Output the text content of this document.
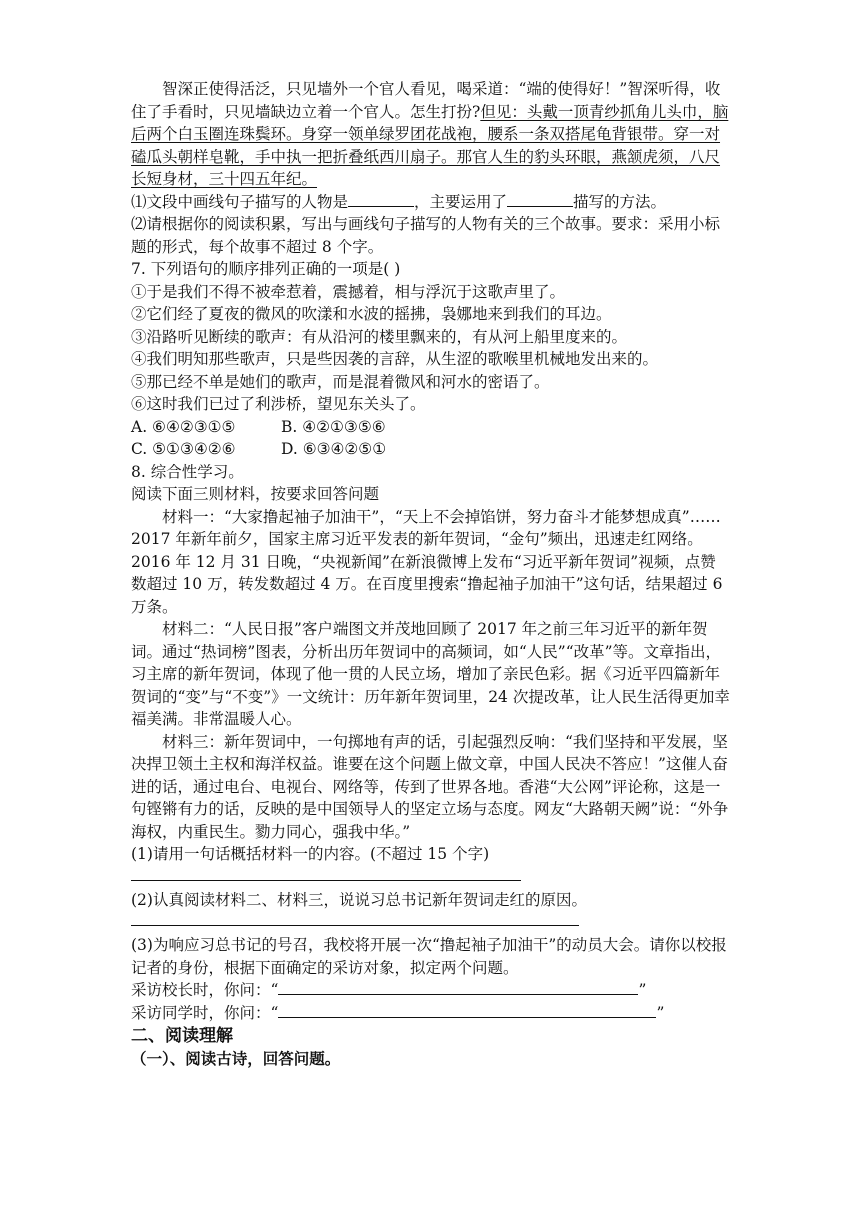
智深正使得活泛，只见墙外一个官人看见，喝采道：“端的使得好！”智深听得，收住了手看时，只见墙缺边立着一个官人。怎生打扮?但见：头戴一顶青纱抓角儿头巾，脑后两个白玉圈连珠鬓环。身穿一领单绿罗团花战袍，腰系一条双搭尾龟背银带。穿一对磕瓜头朝样皂靴，手中执一把折叠纸西川扇子。那官人生的豹头环眼，燕颔虎须，八尺长短身材，三十四五年纪。

⑴文段中画线句子描写的人物是	，主要运用了	描写的方法。

⑵请根据你的阅读积累，写出与画线句子描写的人物有关的三个故事。要求：采用小标题的形式，每个故事不超过 8 个字。

7. 下列语句的顺序排列正确的一项是( )

①于是我们不得不被牵惹着，震撼着，相与浮沉于这歌声里了。

②它们经了夏夜的微风的吹漾和水波的摇拂，袅娜地来到我们的耳边。

③沿路听见断续的歌声：有从沿河的楼里飘来的，有从河上船里度来的。

④我们明知那些歌声，只是些因袭的言辞，从生涩的歌喉里机械地发出来的。

⑤那已经不单是她们的歌声，而是混着微风和河水的密语了。

⑥这时我们已过了利涉桥，望见东关头了。

A. ⑥④②③①⑤	B. ④②①③⑤⑥

C. ⑤①③④②⑥	D. ⑥③④②⑤①

8. 综合性学习。

阅读下面三则材料，按要求回答问题

材料一：“大家撸起袖子加油干”，“天上不会掉馅饼，努力奋斗才能梦想成真”……2017 年新年前夕，国家主席习近平发表的新年贺词，“金句”频出，迅速走红网络。2016 年 12 月 31 日晚，“央视新闻”在新浪微博上发布“习近平新年贺词”视频，点赞数超过 10 万，转发数超过 4 万。在百度里搜索“撸起袖子加油干”这句话，结果超过 6 万条。

材料二：“人民日报”客户端图文并茂地回顾了 2017 年之前三年习近平的新年贺词。通过“热词榜”图表，分析出历年贺词中的高频词，如“人民”“改革”等。文章指出，习主席的新年贺词，体现了他一贯的人民立场，增加了亲民色彩。据《习近平四篇新年贺词的“变”与“不变”》一文统计：历年新年贺词里，24 次提改革，让人民生活得更加幸福美满。非常温暖人心。

材料三：新年贺词中，一句掷地有声的话，引起强烈反响：“我们坚持和平发展，坚决捍卫领土主权和海洋权益。谁要在这个问题上做文章，中国人民决不答应！”这催人奋进的话，通过电台、电视台、网络等，传到了世界各地。香港“大公网”评论称，这是一句铿锵有力的话，反映的是中国领导人的坚定立场与态度。网友“大路朝天阙”说：“外争海权，内重民生。勠力同心，强我中华。”

(1)请用一句话概括材料一的内容。(不超过 15 个字)

(2)认真阅读材料二、材料三，说说习总书记新年贺词走红的原因。

(3)为响应习总书记的号召，我校将开展一次“撸起袖子加油干”的动员大会。请你以校报记者的身份，根据下面确定的采访对象，拟定两个问题。

采访校长时，你问：“	”

采访同学时，你问：“	”

二、阅读理解

（一）、阅读古诗，回答问题。
